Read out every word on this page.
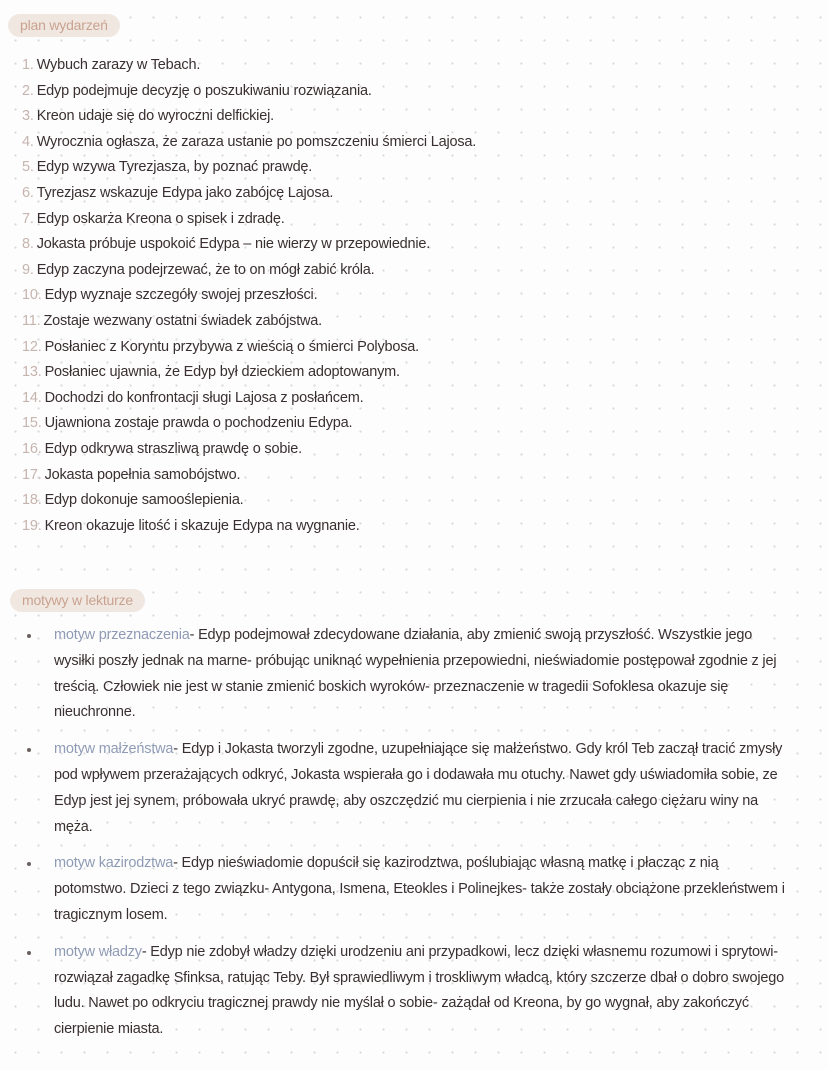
plan wydarzeń
1. Wybuch zarazy w Tebach.
2. Edyp podejmuje decyzję o poszukiwaniu rozwiązania.
3. Kreon udaje się do wyroczni delfickiej.
4. Wyrocznia ogłasza, że zaraza ustanie po pomszczeniu śmierci Lajosa.
5. Edyp wzywa Tyrezjasza, by poznać prawdę.
6. Tyrezjasz wskazuje Edypa jako zabójcę Lajosa.
7. Edyp oskarża Kreona o spisek i zdradę.
8. Jokasta próbuje uspokoić Edypa – nie wierzy w przepowiednie.
9. Edyp zaczyna podejrzewać, że to on mógł zabić króla.
10. Edyp wyznaje szczegóły swojej przeszłości.
11. Zostaje wezwany ostatni świadek zabójstwa.
12. Posłaniec z Koryntu przybywa z wieścią o śmierci Polybosa.
13. Posłaniec ujawnia, że Edyp był dzieckiem adoptowanym.
14. Dochodzi do konfrontacji sługi Lajosa z posłańcem.
15. Ujawniona zostaje prawda o pochodzeniu Edypa.
16. Edyp odkrywa straszliwą prawdę o sobie.
17. Jokasta popełnia samobójstwo.
18. Edyp dokonuje samooślepienia.
19. Kreon okazuje litość i skazuje Edypa na wygnanie.
motywy w lekturze
motyw przeznaczenia- Edyp podejmował zdecydowane działania, aby zmienić swoją przyszłość. Wszystkie jego wysiłki poszły jednak na marne- próbując uniknąć wypełnienia przepowiedni, nieświadomie postępował zgodnie z jej treścią. Człowiek nie jest w stanie zmienić boskich wyroków- przeznaczenie w tragedii Sofoklesa okazuje się nieuchronne.
motyw małżeństwa- Edyp i Jokasta tworzyli zgodne, uzupełniające się małżeństwo. Gdy król Teb zaczął tracić zmysły pod wpływem przerażających odkryć, Jokasta wspierała go i dodawała mu otuchy. Nawet gdy uświadomiła sobie, ze Edyp jest jej synem, próbowała ukryć prawdę, aby oszczędzić mu cierpienia i nie zrzucała całego ciężaru winy na męża.
motyw kazirodztwa- Edyp nieświadomie dopuścił się kazirodztwa, poślubiając własną matkę i płacząc z nią potomstwo. Dzieci z tego związku- Antygona, Ismena, Eteokles i Polinejkes- także zostały obciążone przekleństwem i tragicznym losem.
motyw władzy- Edyp nie zdobył władzy dzięki urodzeniu ani przypadkowi, lecz dzięki własnemu rozumowi i sprytowi- rozwiązał zagadkę Sfinksa, ratując Teby. Był sprawiedliwym i troskliwym władcą, który szczerze dbał o dobro swojego ludu. Nawet po odkryciu tragicznej prawdy nie myślał o sobie- zażądał od Kreona, by go wygnał, aby zakończyć cierpienie miasta.
